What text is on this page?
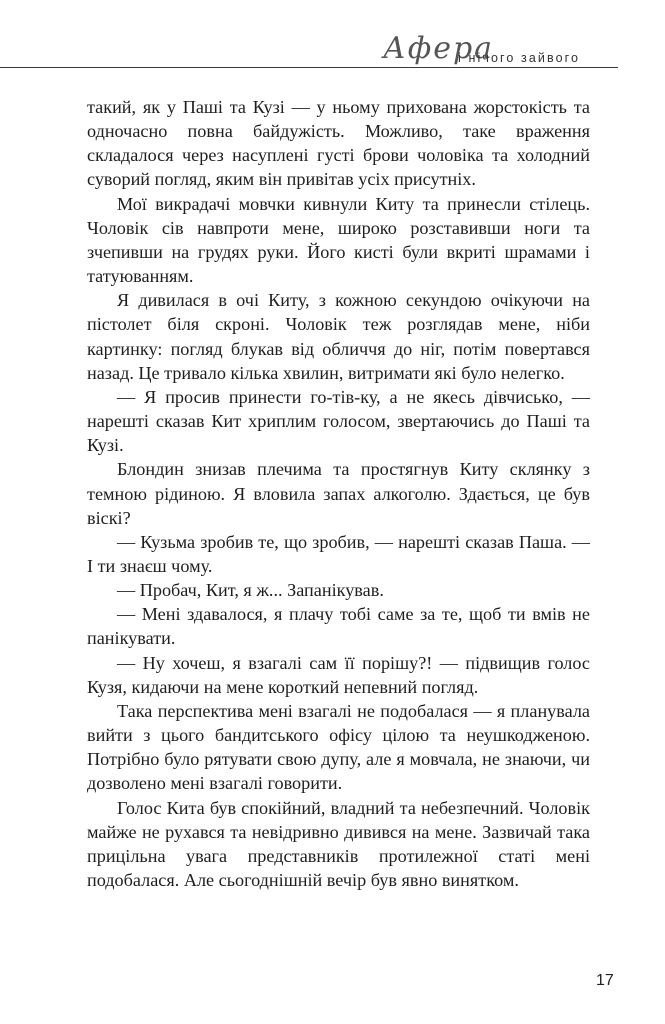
Афера
і нічого зайвого

такий, як у Паші та Кузі — у ньому прихована жорстокість та одночасно повна байдужість. Можливо, таке враження складалося через насуплені густі брови чоловіка та холодний суворий погляд, яким він привітав усіх присутніх.

Мої викрадачі мовчки кивнули Киту та принесли стілець. Чоловік сів навпроти мене, широко розставивши ноги та зчепивши на грудях руки. Його кисті були вкриті шрамами і татуюванням.

Я дивилася в очі Киту, з кожною секундою очікуючи на пістолет біля скроні. Чоловік теж розглядав мене, ніби картинку: погляд блукав від обличчя до ніг, потім повертався назад. Це тривало кілька хвилин, витримати які було нелегко.

— Я просив принести го-тів-ку, а не якесь дівчисько, — нарешті сказав Кит хриплим голосом, звертаючись до Паші та Кузі.

Блондин знизав плечима та простягнув Киту склянку з темною рідиною. Я вловила запах алкоголю. Здається, це був віскі?

— Кузьма зробив те, що зробив, — нарешті сказав Паша. — І ти знаєш чому.

— Пробач, Кит, я ж... Запанікував.

— Мені здавалося, я плачу тобі саме за те, щоб ти вмів не панікувати.

— Ну хочеш, я взагалі сам її порішу?! — підвищив голос Кузя, кидаючи на мене короткий непевний погляд.

Така перспектива мені взагалі не подобалася — я планувала вийти з цього бандитського офісу цілою та неушкодженою. Потрібно було рятувати свою дупу, але я мовчала, не знаючи, чи дозволено мені взагалі говорити.

Голос Кита був спокійний, владний та небезпечний. Чоловік майже не рухався та невідривно дивився на мене. Зазвичай така прицільна увага представників протилежної статі мені подобалася. Але сьогоднішній вечір був явно винятком.

17
